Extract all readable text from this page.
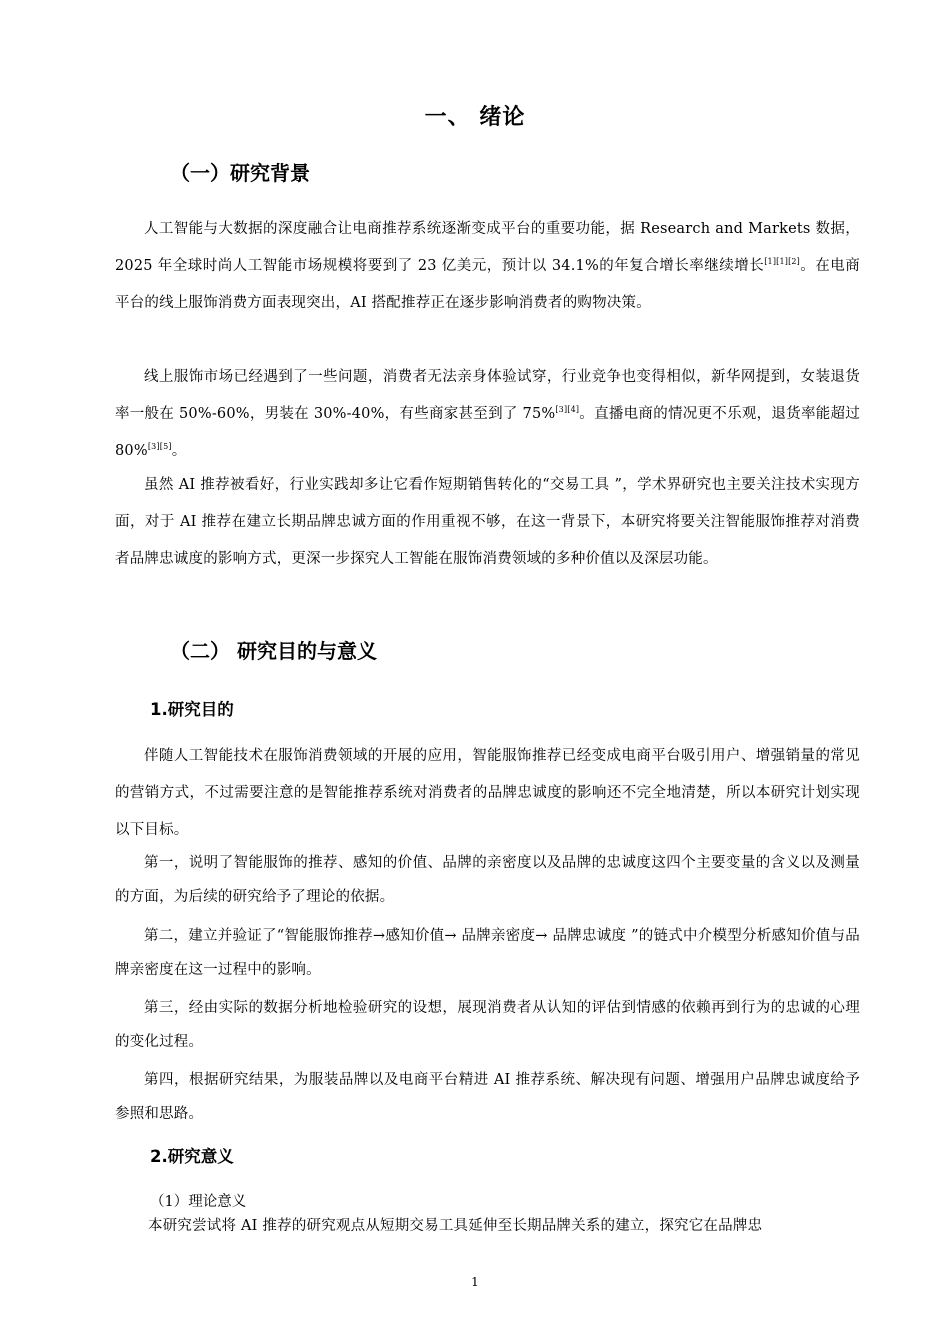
一、 绪论
（一）研究背景
人工智能与大数据的深度融合让电商推荐系统逐渐变成平台的重要功能，据 Research and Markets 数据，2025 年全球时尚人工智能市场规模将要到了 23 亿美元，预计以 34.1%的年复合增长率继续增长[1][1][2]。在电商平台的线上服饰消费方面表现突出，AI 搭配推荐正在逐步影响消费者的购物决策。
线上服饰市场已经遇到了一些问题，消费者无法亲身体验试穿，行业竞争也变得相似，新华网提到，女装退货率一般在 50%-60%，男装在 30%-40%，有些商家甚至到了 75%[3][4]。直播电商的情况更不乐观，退货率能超过 80%[3][5]。
虽然 AI 推荐被看好，行业实践却多让它看作短期销售转化的“交易工具 ”，学术界研究也主要关注技术实现方面，对于 AI 推荐在建立长期品牌忠诚方面的作用重视不够，在这一背景下，本研究将要关注智能服饰推荐对消费者品牌忠诚度的影响方式，更深一步探究人工智能在服饰消费领域的多种价值以及深层功能。
（二） 研究目的与意义
1.研究目的
伴随人工智能技术在服饰消费领域的开展的应用，智能服饰推荐已经变成电商平台吸引用户、增强销量的常见的营销方式，不过需要注意的是智能推荐系统对消费者的品牌忠诚度的影响还不完全地清楚，所以本研究计划实现以下目标。
第一，说明了智能服饰的推荐、感知的价值、品牌的亲密度以及品牌的忠诚度这四个主要变量的含义以及测量的方面，为后续的研究给予了理论的依据。
第二，建立并验证了“智能服饰推荐→感知价值→ 品牌亲密度→ 品牌忠诚度 ”的链式中介模型分析感知价值与品牌亲密度在这一过程中的影响。
第三，经由实际的数据分析地检验研究的设想，展现消费者从认知的评估到情感的依赖再到行为的忠诚的心理的变化过程。
第四，根据研究结果，为服装品牌以及电商平台精进 AI 推荐系统、解决现有问题、增强用户品牌忠诚度给予参照和思路。
2.研究意义
（1）理论意义
本研究尝试将 AI 推荐的研究观点从短期交易工具延伸至长期品牌关系的建立，探究它在品牌忠
1
